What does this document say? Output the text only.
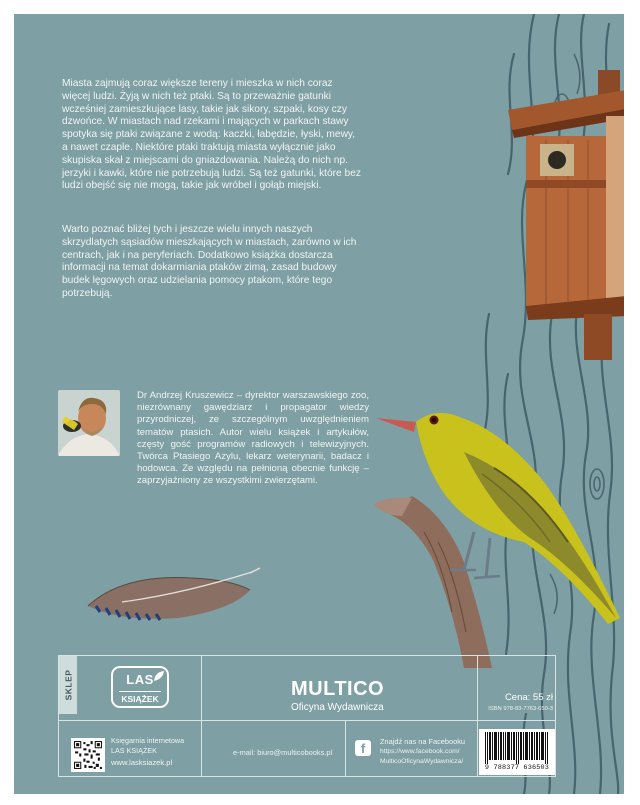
Miasta zajmują coraz większe tereny i mieszka w nich coraz więcej ludzi. Żyją w nich też ptaki. Są to przeważnie gatunki wcześniej zamieszkujące lasy, takie jak sikory, szpaki, kosy czy dzwońce. W miastach nad rzekami i mających w parkach stawy spotyka się ptaki związane z wodą: kaczki, łabędzie, łyski, mewy, a nawet czaple. Niektóre ptaki traktują miasta wyłącznie jako skupiska skał z miejscami do gniazdowania. Należą do nich np. jerzyki i kawki, które nie potrzebują ludzi. Są też gatunki, które bez ludzi obejść się nie mogą, takie jak wróbel i gołąb miejski.

Warto poznać bliżej tych i jeszcze wielu innych naszych skrzydlatych sąsiadów mieszkających w miastach, zarówno w ich centrach, jak i na peryferiach. Dodatkowo książka dostarcza informacji na temat dokarmiania ptaków zimą, zasad budowy budek lęgowych oraz udzielania pomocy ptakom, które tego potrzebują.

Dr Andrzej Kruszewicz – dyrektor warszawskiego zoo, niezrównany gawędziarz i propagator wiedzy przyrodniczej, ze szczególnym uwzględnieniem tematów ptasich. Autor wielu książek i artykułów, częsty gość programów radiowych i telewizyjnych. Twórca Ptasiego Azylu, lekarz weterynarii, badacz i hodowca. Ze względu na pełnioną obecnie funkcję – zaprzyjaźniony ze wszystkimi zwierzętami.

SKLEP	LAS
KSIĄŻEK
Księgarnia internetowa
LAS KSIĄŻEK
www.lasksiazek.pl
MULTICO
Oficyna Wydawnicza
e-mail: biuro@multicobooks.pl	f	Znajdź nas na Facebooku
https://www.facebook.com/
MulticoOficynaWydawnicza/
Cena: 55 zł
ISBN 978-83-7763-650-3
9 788377 636503
